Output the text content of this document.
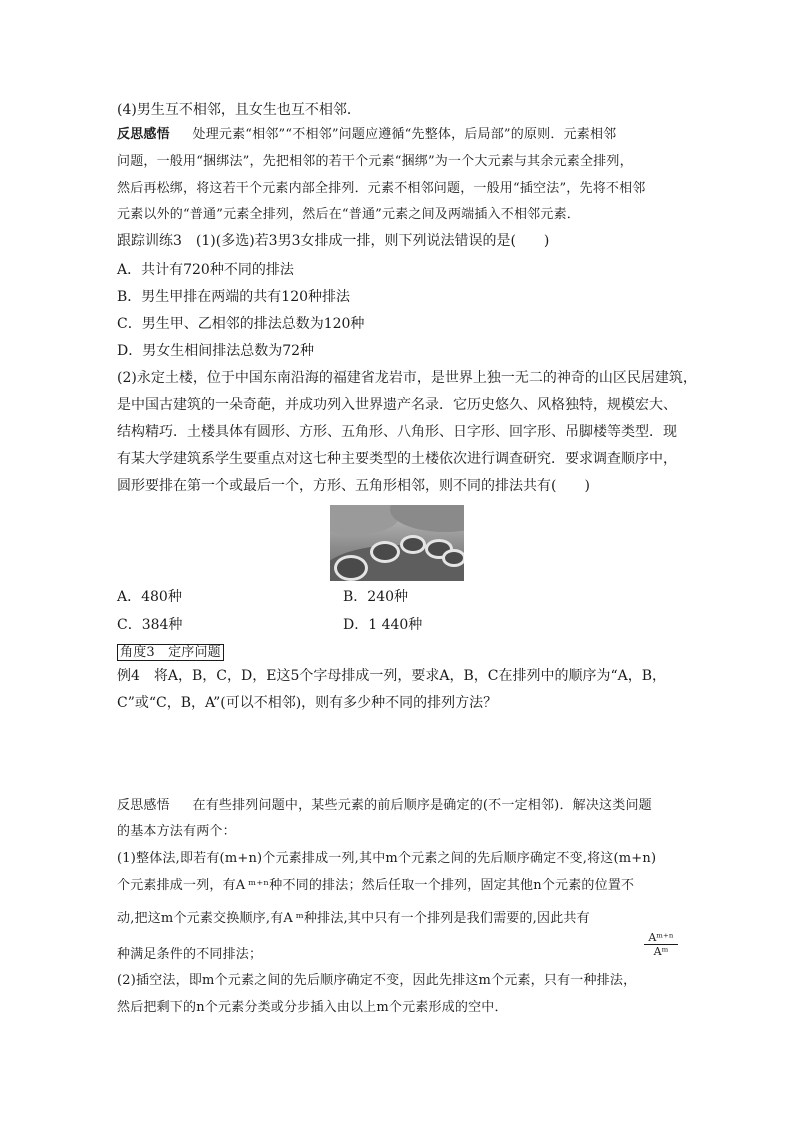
(4)男生互不相邻，且女生也互不相邻．
反思感悟 处理元素“相邻”“不相邻”问题应遵循“先整体，后局部”的原则．元素相邻
问题，一般用“捆绑法”，先把相邻的若干个元素“捆绑”为一个大元素与其余元素全排列，
然后再松绑，将这若干个元素内部全排列．元素不相邻问题，一般用“插空法”，先将不相邻
元素以外的“普通”元素全排列，然后在“普通”元素之间及两端插入不相邻元素．
跟踪训练3　(1)(多选)若3男3女排成一排，则下列说法错误的是(　　)
A．共计有720种不同的排法
B．男生甲排在两端的共有120种排法
C．男生甲、乙相邻的排法总数为120种
D．男女生相间排法总数为72种
(2)永定土楼，位于中国东南沿海的福建省龙岩市，是世界上独一无二的神奇的山区民居建筑，
是中国古建筑的一朵奇葩，并成功列入世界遗产名录．它历史悠久、风格独特，规模宏大、
结构精巧．土楼具体有圆形、方形、五角形、八角形、日字形、回字形、吊脚楼等类型．现
有某大学建筑系学生要重点对这七种主要类型的土楼依次进行调查研究．要求调查顺序中，
圆形要排在第一个或最后一个，方形、五角形相邻，则不同的排法共有(　　)
A．480种	B．240种
C．384种	D．1 440种
角度3　定序问题
例4　将A，B，C，D，E这5个字母排成一列，要求A，B，C在排列中的顺序为“A，B，
C”或“C，B，A”(可以不相邻)，则有多少种不同的排列方法？
反思感悟 在有些排列问题中，某些元素的前后顺序是确定的(不一定相邻)．解决这类问题
的基本方法有两个：
(1)整体法,即若有(m+n)个元素排成一列,其中m个元素之间的先后顺序确定不变,将这(m+n)
个元素排成一列，有A ᵐ⁺ⁿ种不同的排法；然后任取一个排列，固定其他n个元素的位置不
动,把这m个元素交换顺序,有A ᵐ种排法,其中只有一个排列是我们需要的,因此共有
$\frac{\text{Aᵐ⁺ⁿ}}{\text{Aᵐ}}$
种满足条件的不同排法；
(2)插空法，即m个元素之间的先后顺序确定不变，因此先排这m个元素，只有一种排法，
然后把剩下的n个元素分类或分步插入由以上m个元素形成的空中．
